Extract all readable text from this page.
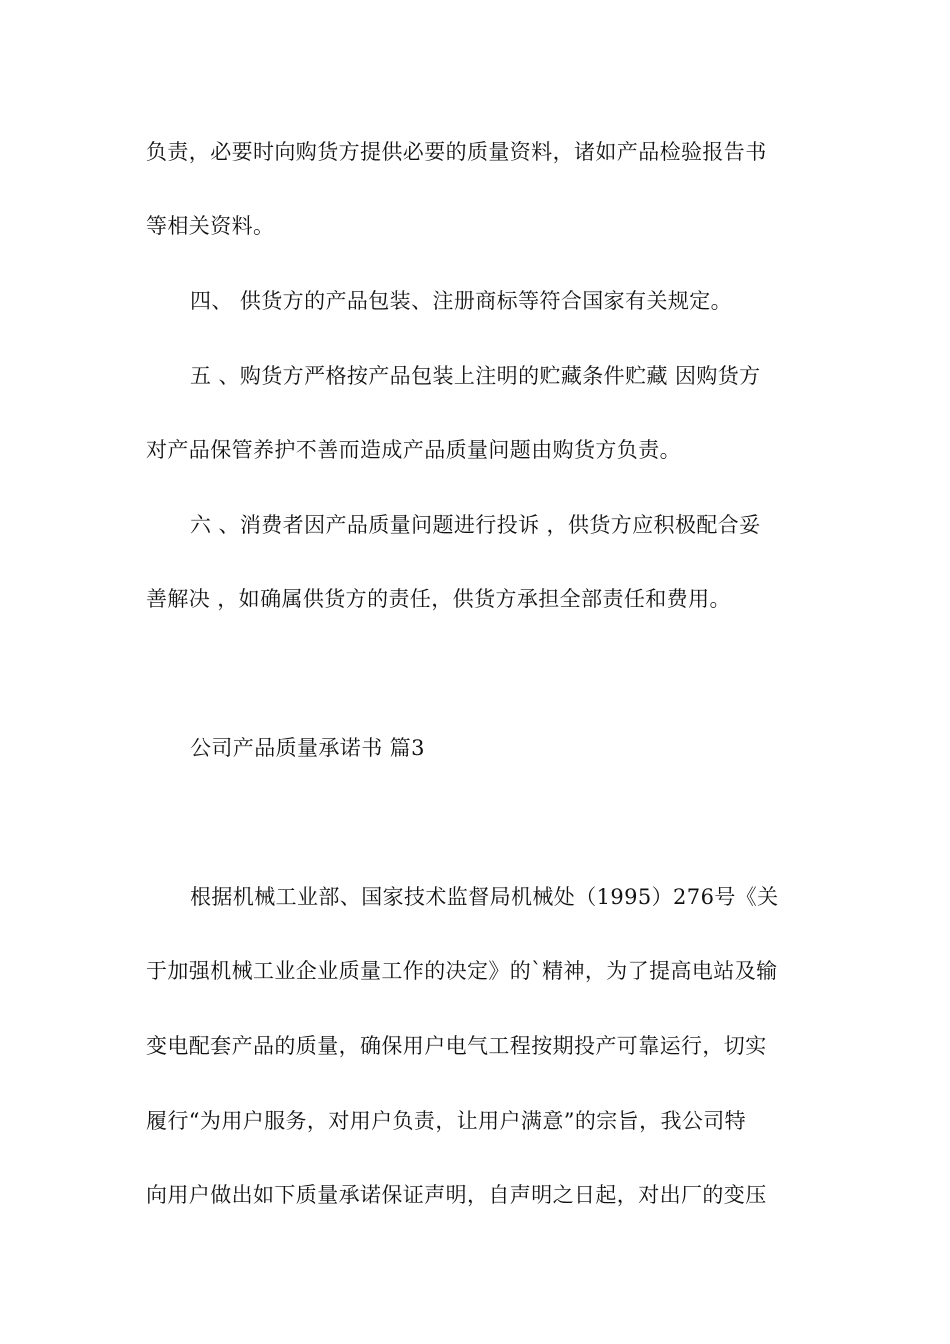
负责，必要时向购货方提供必要的质量资料，诸如产品检验报告书
等相关资料。
四、 供货方的产品包装、注册商标等符合国家有关规定。
五 、购货方严格按产品包装上注明的贮藏条件贮藏 因购货方
对产品保管养护不善而造成产品质量问题由购货方负责。
六 、消费者因产品质量问题进行投诉 ，供货方应积极配合妥
善解决 ，如确属供货方的责任，供货方承担全部责任和费用。
公司产品质量承诺书 篇3
根据机械工业部、国家技术监督局机械处（1995）276号《关
于加强机械工业企业质量工作的决定》的`精神，为了提高电站及输
变电配套产品的质量，确保用户电气工程按期投产可靠运行，切实
履行“为用户服务，对用户负责，让用户满意”的宗旨，我公司特
向用户做出如下质量承诺保证声明，自声明之日起，对出厂的变压
